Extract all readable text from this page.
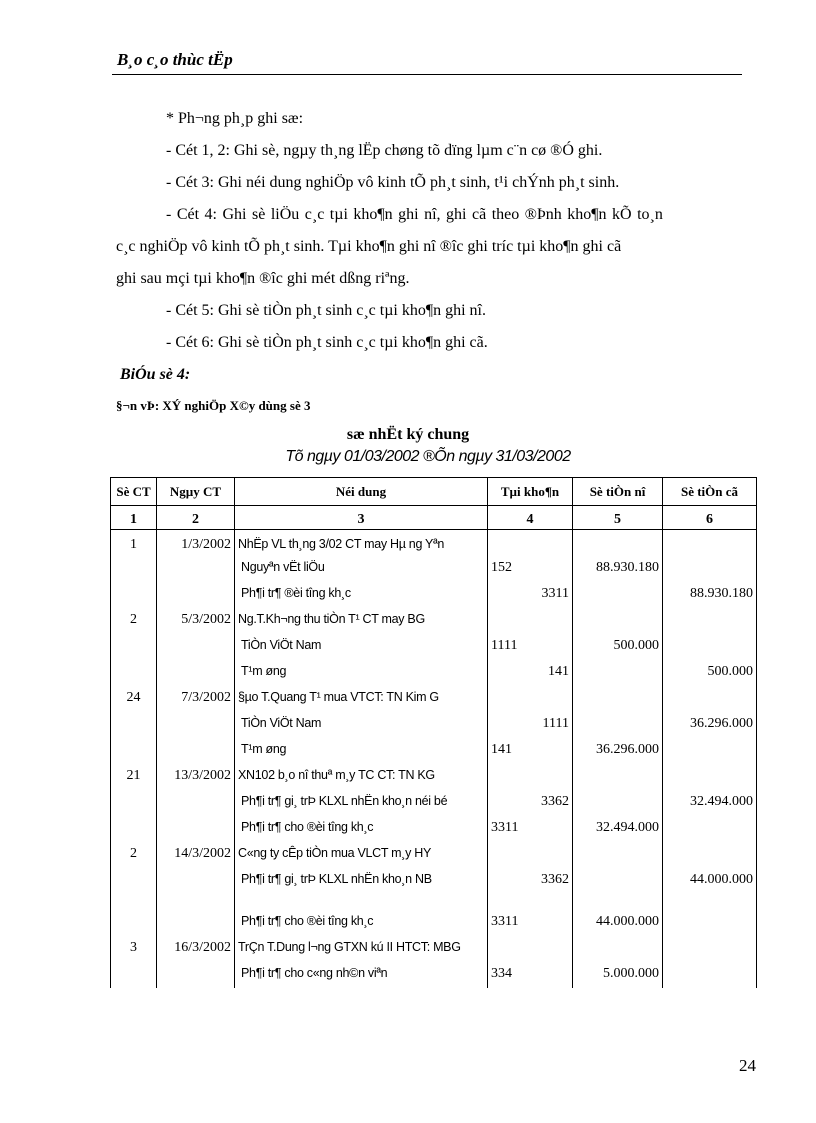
B¸o c¸o thùc tËp
* Ph¬ng ph¸p ghi sæ:
- Cét 1, 2: Ghi sè, ngµy th¸ng lËp chøng tõ dïng lµm c¨n cø ®Ó ghi.
- Cét 3: Ghi néi dung nghiÖp vô kinh tÕ ph¸t sinh, t¹i chÝnh ph¸t sinh.
- Cét 4: Ghi sè liÖu c¸c tµi kho¶n ghi nî, ghi cã theo ®Þnh kho¶n kÕ to¸n
c¸c nghiÖp vô kinh tÕ ph¸t sinh. Tµi kho¶n ghi nî ®îc ghi tríc tµi kho¶n ghi cã
ghi sau mçi tµi kho¶n ®îc ghi mét dßng riªng.
- Cét 5: Ghi sè tiÒn ph¸t sinh c¸c tµi kho¶n ghi nî.
- Cét 6: Ghi sè tiÒn ph¸t sinh c¸c tµi kho¶n ghi cã.
BiÓu sè 4:
§¬n vÞ: XÝ nghiÖp X©y dùng sè 3
sæ nhËt ký chung
Tõ ngµy 01/03/2002 ®Õn ngµy 31/03/2002
Sè CT	Ngµy CT	Néi dung	Tµi kho¶n	Sè tiÒn nî	Sè tiÒn cã
1	2	3	4	5	6
1	1/3/2002	NhËp VL th¸ng 3/02 CT may Hµ ng Yªn			
		Nguyªn vËt liÖu	152	88.930.180	
		Ph¶i tr¶ ®èi tîng kh¸c	3311		88.930.180
2	5/3/2002	Ng.T.Kh¬ng thu tiÒn T¹ CT may BG			
		TiÒn ViÖt Nam	1111	500.000	
		T¹m øng	141		500.000
24	7/3/2002	§µo T.Quang T¹ mua VTCT: TN Kim G			
		TiÒn ViÖt Nam	1111		36.296.000
		T¹m øng	141	36.296.000	
21	13/3/2002	XN102 b¸o nî thuª m¸y TC CT: TN KG			
		Ph¶i tr¶ gi¸ trÞ KLXL nhËn kho¸n néi bé	3362		32.494.000
		Ph¶i tr¶ cho ®èi tîng kh¸c	3311	32.494.000	
2	14/3/2002	C«ng ty cÊp tiÒn mua VLCT m¸y HY			
		Ph¶i tr¶ gi¸ trÞ KLXL nhËn kho¸n NB	3362		44.000.000
		Ph¶i tr¶ cho ®èi tîng kh¸c	3311	44.000.000	
3	16/3/2002	TrÇn T.Dung l¬ng GTXN kú II HTCT: MBG			
		Ph¶i tr¶ cho c«ng nh©n viªn	334	5.000.000	
24
